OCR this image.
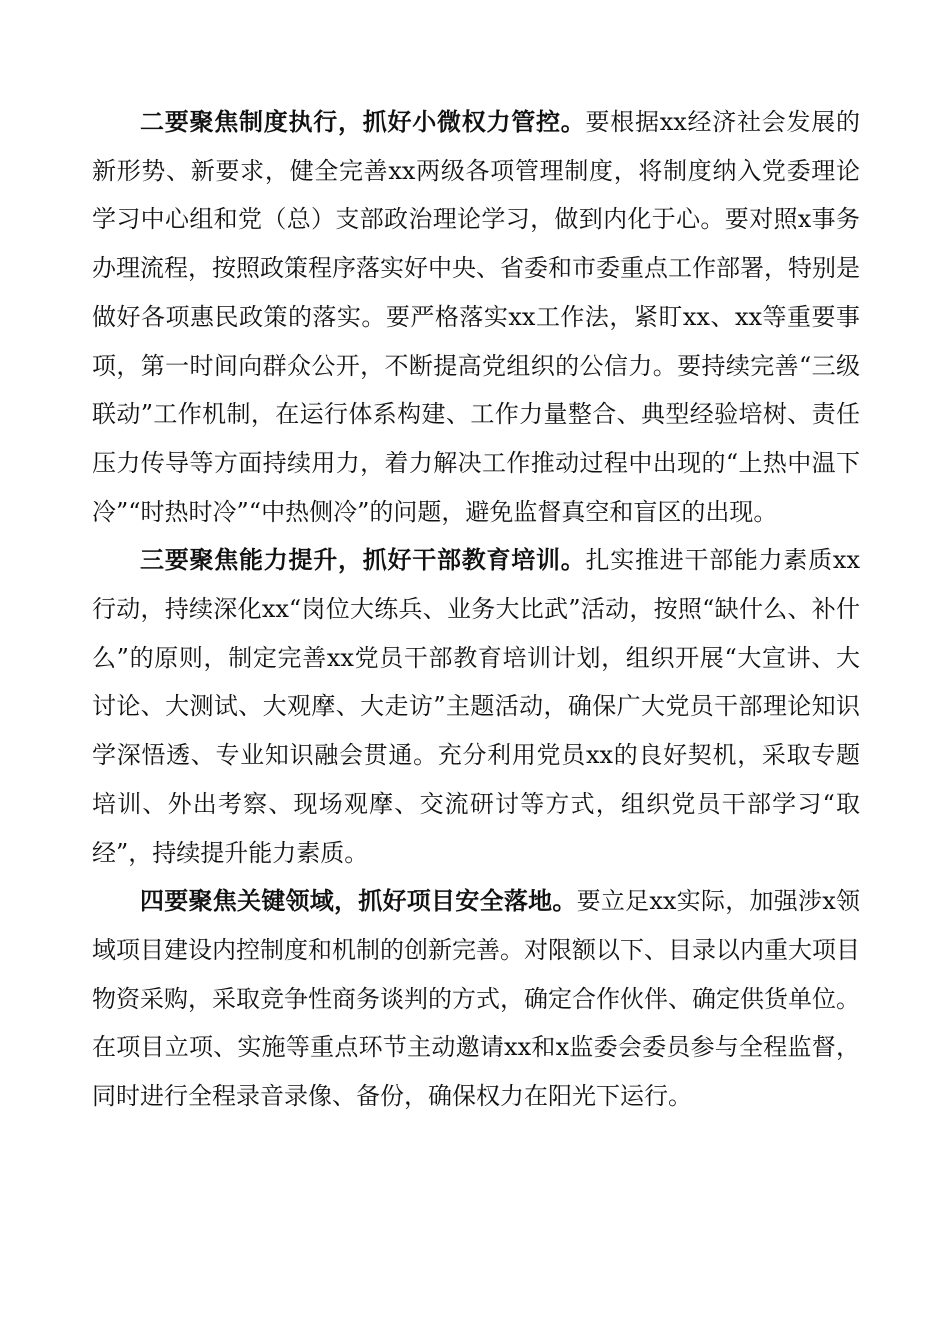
二要聚焦制度执行，抓好小微权力管控。要根据xx经济社会发展的新形势、新要求，健全完善xx两级各项管理制度，将制度纳入党委理论学习中心组和党（总）支部政治理论学习，做到内化于心。要对照x事务办理流程，按照政策程序落实好中央、省委和市委重点工作部署，特别是做好各项惠民政策的落实。要严格落实xx工作法，紧盯xx、xx等重要事项，第一时间向群众公开，不断提高党组织的公信力。要持续完善“三级联动”工作机制，在运行体系构建、工作力量整合、典型经验培树、责任压力传导等方面持续用力，着力解决工作推动过程中出现的“上热中温下冷”“时热时冷”“中热侧冷”的问题，避免监督真空和盲区的出现。

三要聚焦能力提升，抓好干部教育培训。扎实推进干部能力素质xx行动，持续深化xx“岗位大练兵、业务大比武”活动，按照“缺什么、补什么”的原则，制定完善xx党员干部教育培训计划，组织开展“大宣讲、大讨论、大测试、大观摩、大走访”主题活动，确保广大党员干部理论知识学深悟透、专业知识融会贯通。充分利用党员xx的良好契机，采取专题培训、外出考察、现场观摩、交流研讨等方式，组织党员干部学习“取经”，持续提升能力素质。

四要聚焦关键领域，抓好项目安全落地。要立足xx实际，加强涉x领域项目建设内控制度和机制的创新完善。对限额以下、目录以内重大项目物资采购，采取竞争性商务谈判的方式，确定合作伙伴、确定供货单位。在项目立项、实施等重点环节主动邀请xx和x监委会委员参与全程监督，同时进行全程录音录像、备份，确保权力在阳光下运行。
